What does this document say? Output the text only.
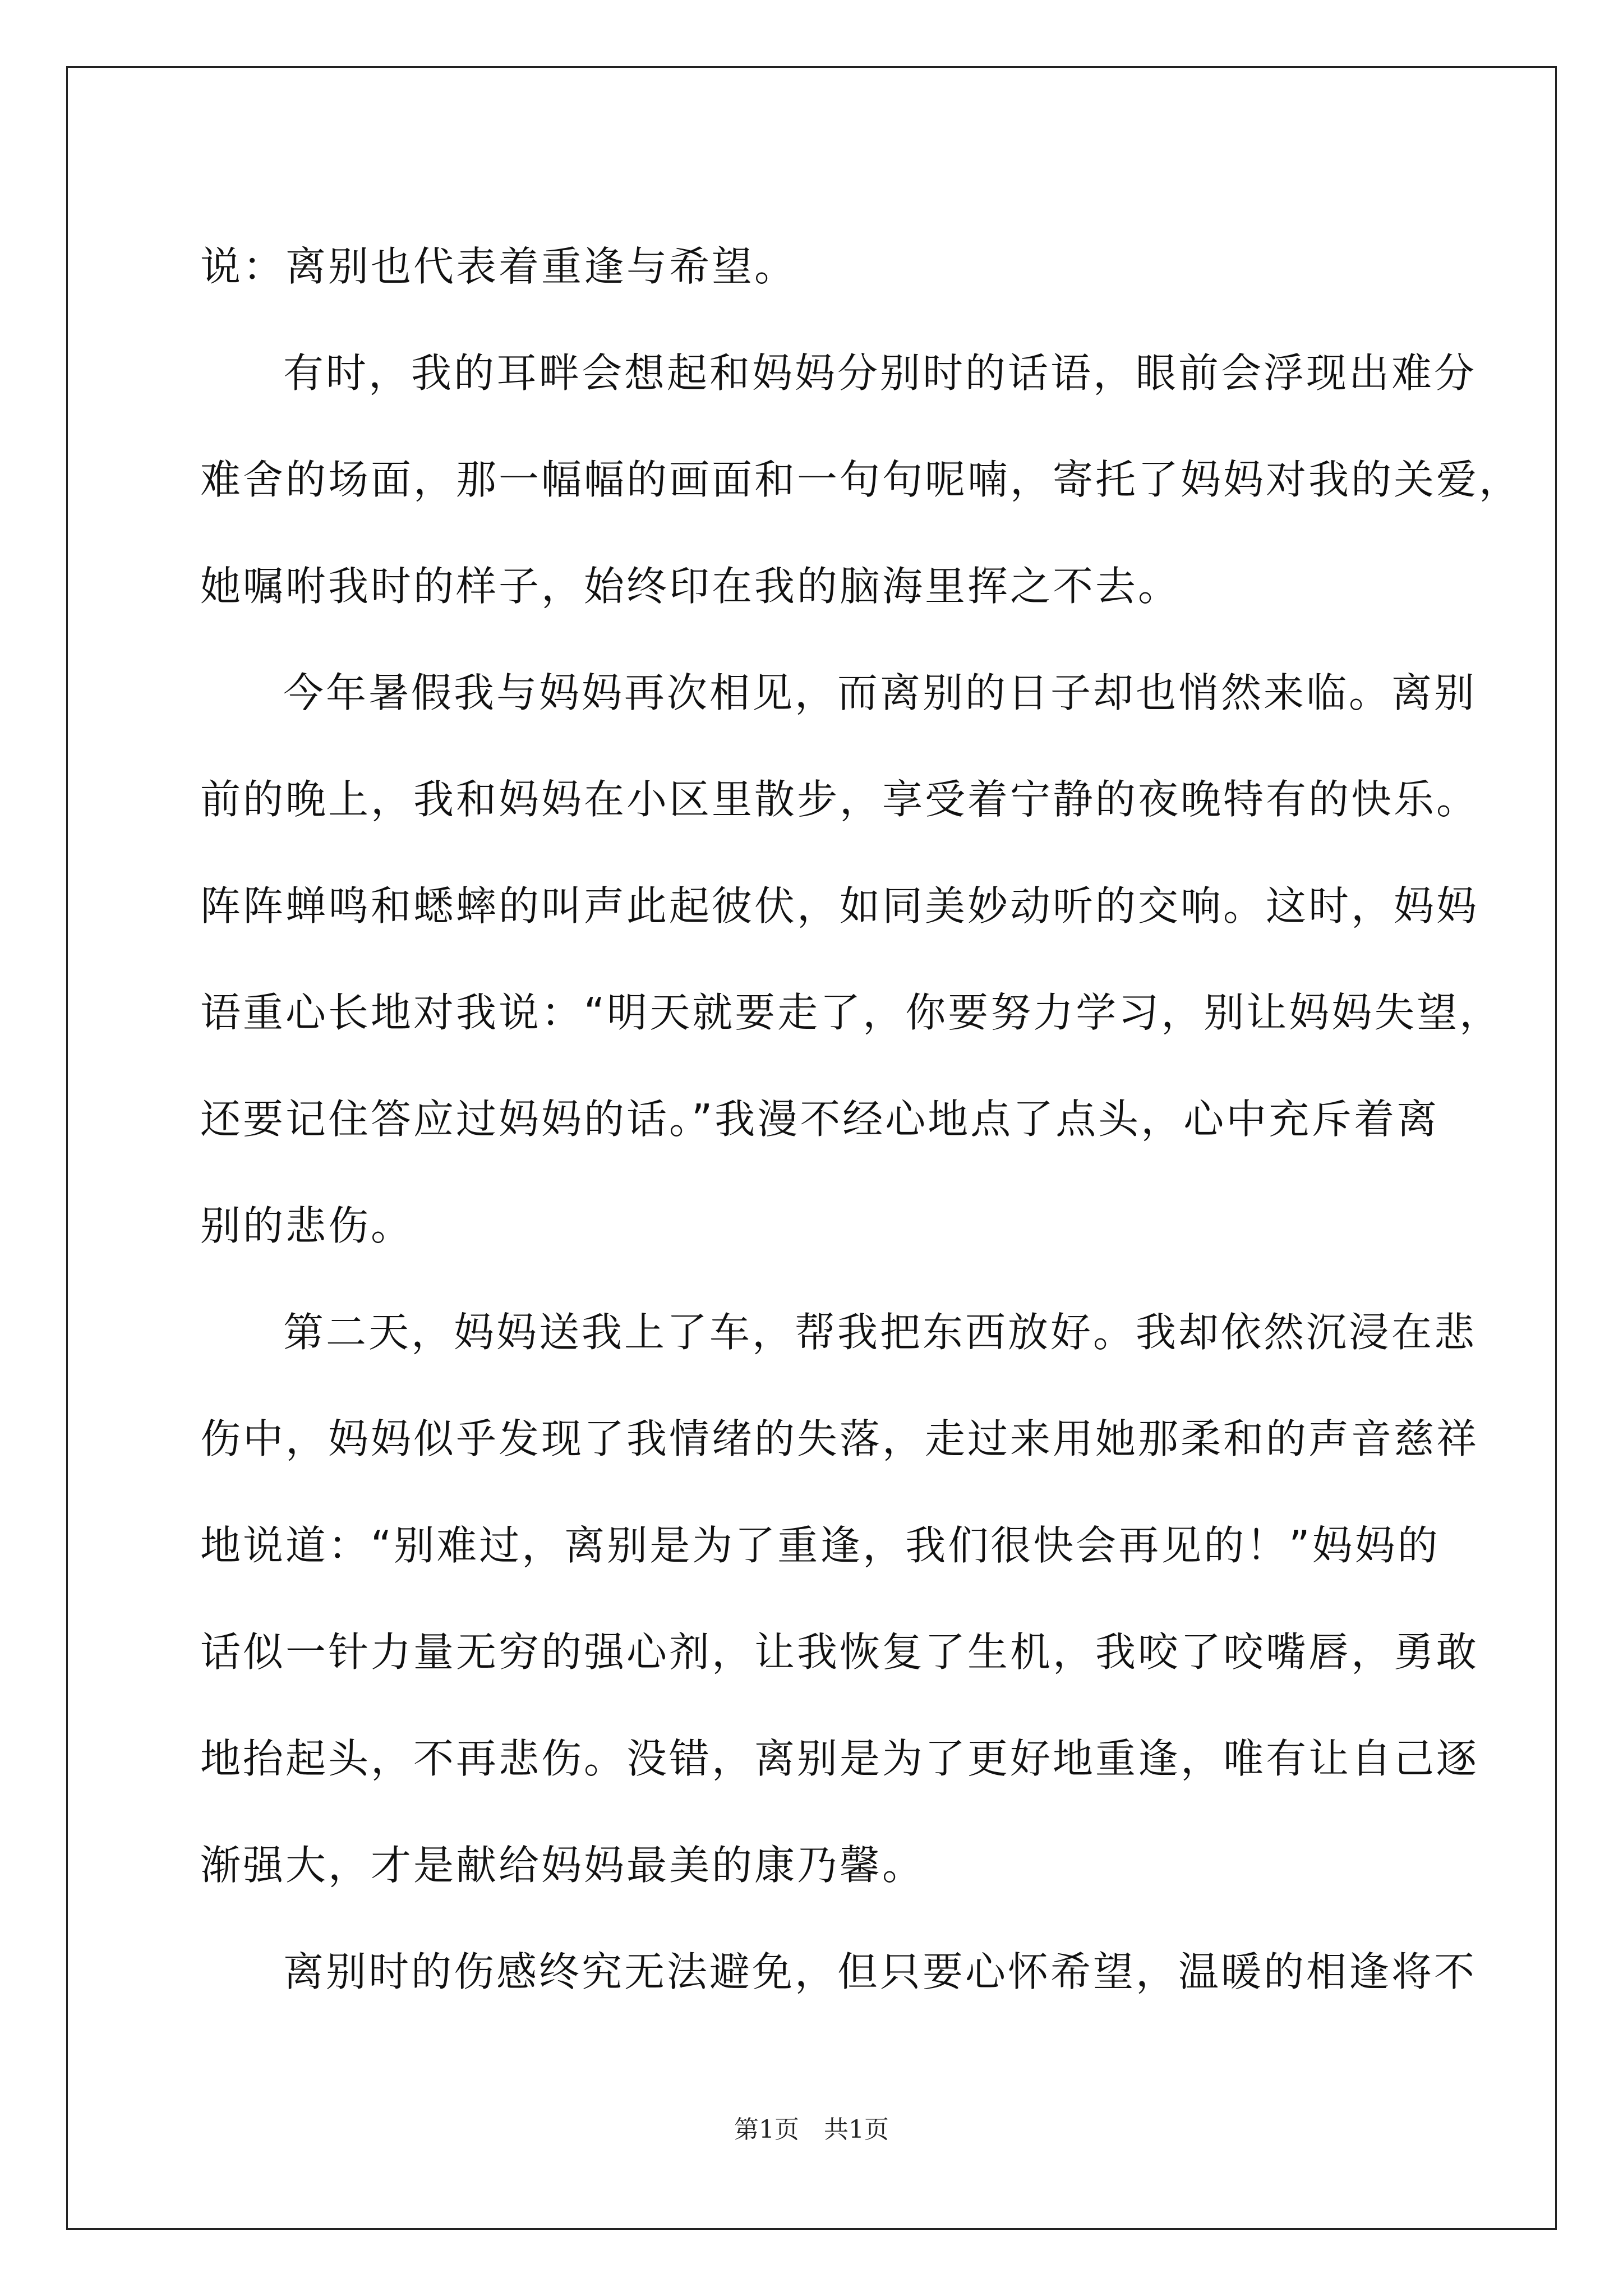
说：离别也代表着重逢与希望。
有时，我的耳畔会想起和妈妈分别时的话语，眼前会浮现出难分
难舍的场面，那一幅幅的画面和一句句呢喃，寄托了妈妈对我的关爱，
她嘱咐我时的样子，始终印在我的脑海里挥之不去。
今年暑假我与妈妈再次相见，而离别的日子却也悄然来临。离别
前的晚上，我和妈妈在小区里散步，享受着宁静的夜晚特有的快乐。
阵阵蝉鸣和蟋蟀的叫声此起彼伏，如同美妙动听的交响。这时，妈妈
语重心长地对我说：“明天就要走了，你要努力学习，别让妈妈失望，
还要记住答应过妈妈的话。”我漫不经心地点了点头，心中充斥着离
别的悲伤。
第二天，妈妈送我上了车，帮我把东西放好。我却依然沉浸在悲
伤中，妈妈似乎发现了我情绪的失落，走过来用她那柔和的声音慈祥
地说道：“别难过，离别是为了重逢，我们很快会再见的！”妈妈的
话似一针力量无穷的强心剂，让我恢复了生机，我咬了咬嘴唇，勇敢
地抬起头，不再悲伤。没错，离别是为了更好地重逢，唯有让自己逐
渐强大，才是献给妈妈最美的康乃馨。
离别时的伤感终究无法避免，但只要心怀希望，温暖的相逢将不
第1页　共1页
